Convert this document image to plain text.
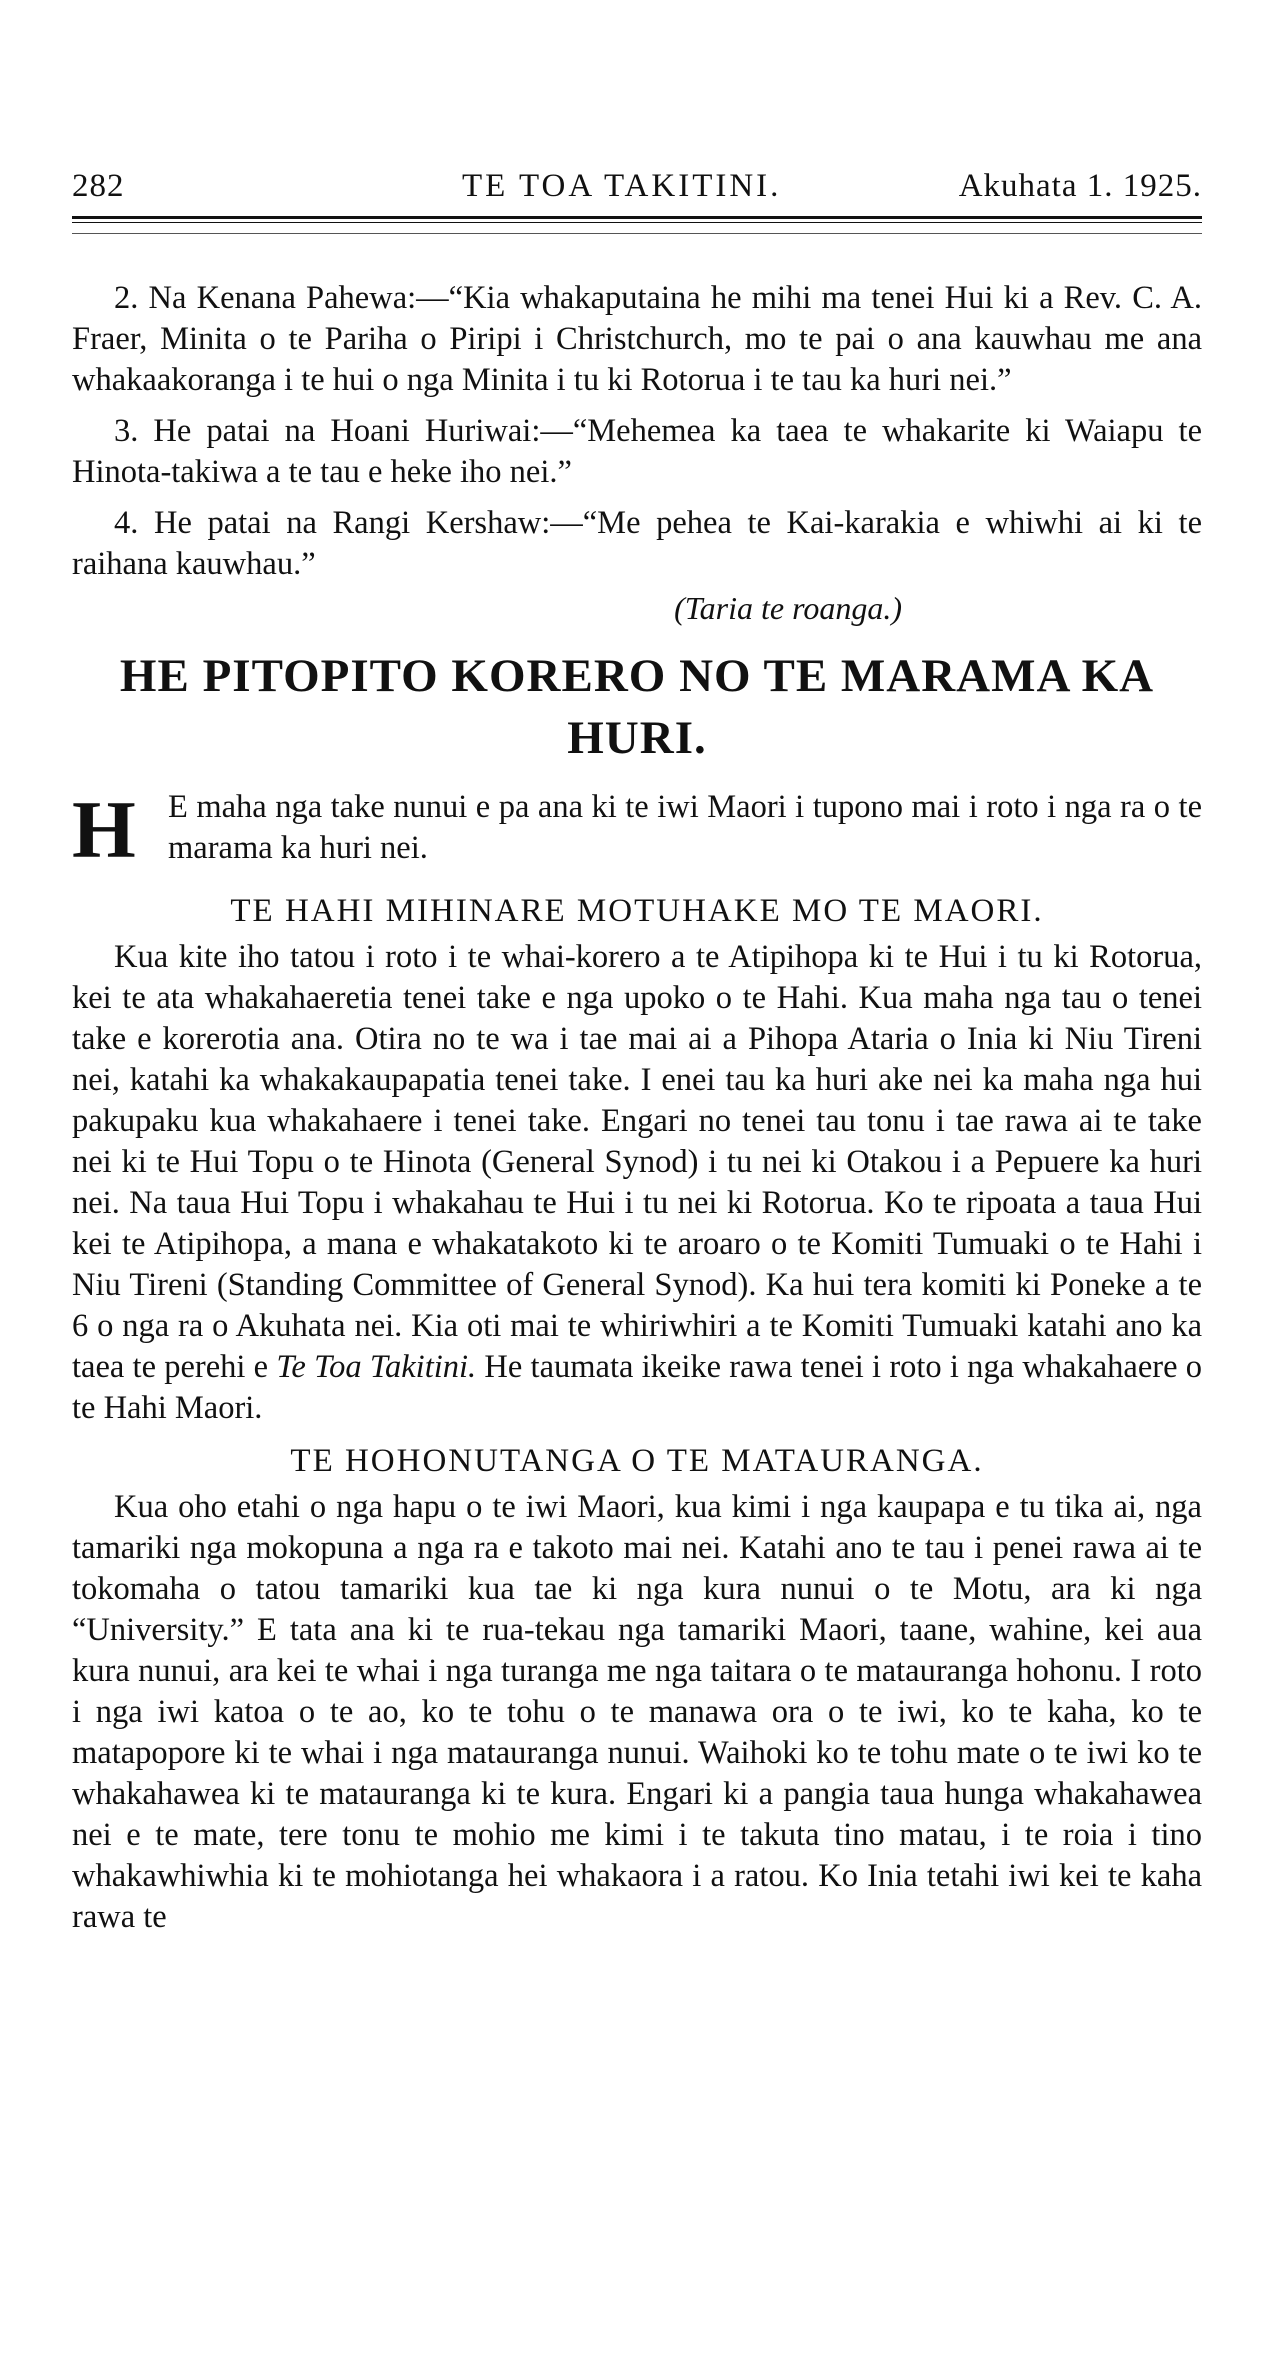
282	TE TOA TAKITINI.	Akuhata 1. 1925.

2. Na Kenana Pahewa:—“Kia whakaputaina he mihi ma tenei Hui ki a Rev. C. A. Fraer, Minita o te Pariha o Piripi i Christchurch, mo te pai o ana kauwhau me ana whakaakoranga i te hui o nga Minita i tu ki Rotorua i te tau ka huri nei.”

3. He patai na Hoani Huriwai:—“Mehemea ka taea te whakarite ki Waiapu te Hinota-takiwa a te tau e heke iho nei.”

4. He patai na Rangi Kershaw:—“Me pehea te Kai-karakia e whiwhi ai ki te raihana kauwhau.”

(Taria te roanga.)
HE PITOPITO KORERO NO TE MARAMA KA HURI.
H E maha nga take nunui e pa ana ki te iwi Maori i tupono mai i roto i nga ra o te marama ka huri nei.
TE HAHI MIHINARE MOTUHAKE MO TE MAORI.

Kua kite iho tatou i roto i te whai-korero a te Atipihopa ki te Hui i tu ki Rotorua, kei te ata whakahaeretia tenei take e nga upoko o te Hahi. Kua maha nga tau o tenei take e korerotia ana. Otira no te wa i tae mai ai a Pihopa Ataria o Inia ki Niu Tireni nei, katahi ka whakakaupapatia tenei take. I enei tau ka huri ake nei ka maha nga hui pakupaku kua whakahaere i tenei take. Engari no tenei tau tonu i tae rawa ai te take nei ki te Hui Topu o te Hinota (General Synod) i tu nei ki Otakou i a Pepuere ka huri nei. Na taua Hui Topu i whakahau te Hui i tu nei ki Rotorua. Ko te ripoata a taua Hui kei te Atipihopa, a mana e whakatakoto ki te aroaro o te Komiti Tumuaki o te Hahi i Niu Tireni (Standing Committee of General Synod). Ka hui tera komiti ki Poneke a te 6 o nga ra o Akuhata nei. Kia oti mai te whiriwhiri a te Komiti Tumuaki katahi ano ka taea te perehi e Te Toa Takitini. He taumata ikeike rawa tenei i roto i nga whakahaere o te Hahi Maori.

TE HOHONUTANGA O TE MATAURANGA.

Kua oho etahi o nga hapu o te iwi Maori, kua kimi i nga kaupapa e tu tika ai, nga tamariki nga mokopuna a nga ra e takoto mai nei. Katahi ano te tau i penei rawa ai te tokomaha o tatou tamariki kua tae ki nga kura nunui o te Motu, ara ki nga “University.” E tata ana ki te rua-tekau nga tamariki Maori, taane, wahine, kei aua kura nunui, ara kei te whai i nga turanga me nga taitara o te matauranga hohonu. I roto i nga iwi katoa o te ao, ko te tohu o te manawa ora o te iwi, ko te kaha, ko te matapopore ki te whai i nga matauranga nunui. Waihoki ko te tohu mate o te iwi ko te whakahawea ki te matauranga ki te kura. Engari ki a pangia taua hunga whakahawea nei e te mate, tere tonu te mohio me kimi i te takuta tino matau, i te roia i tino whakawhiwhia ki te mohiotanga hei whakaora i a ratou. Ko Inia tetahi iwi kei te kaha rawa te
